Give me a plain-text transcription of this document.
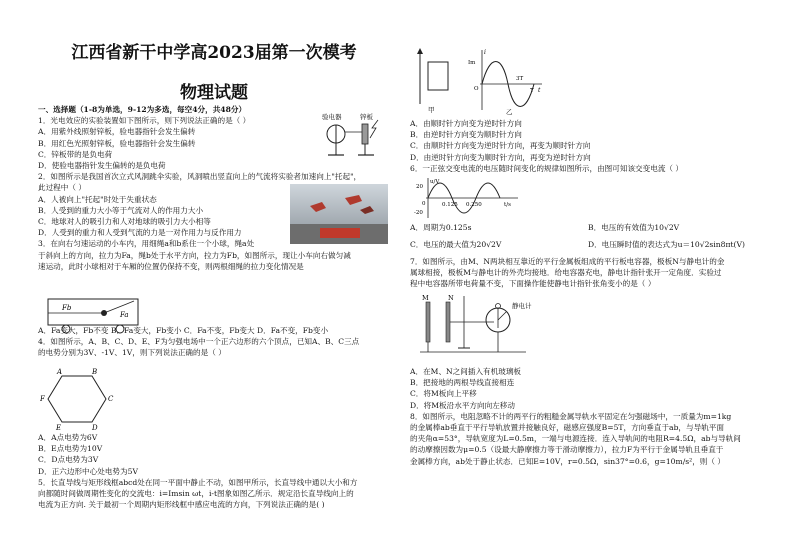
江西省新干中学高2023届第一次模考
物理试题
一、选择题（1-8为单选，9-12为多选，每空4分，共48分）

1．光电效应的实验装置如下图所示，则下列说法正确的是（ ）

A．用紫外线照射锌板，验电器指针会发生偏转

B．用红色光照射锌板，验电器指针会发生偏转

C．锌板带的是负电荷

D．使验电器指针发生偏转的是负电荷

2．如图所示是我国首次立式风洞跳伞实验，风洞喷出竖直向上的气流将实验者加速向上"托起"，

此过程中（ ）

A．人被向上"托起"时处于失重状态

B．人受到的重力大小等于气流对人的作用力大小

C．地球对人的吸引力和人对地球的吸引力大小相等

D．人受到的重力和人受到气流的力是一对作用力与反作用力

3．在向右匀速运动的小车内，用细绳a和b系住一个小球，绳a处

于斜向上的方向，拉力为Fa，绳b处于水平方向，拉力为Fb，如图所示，现让小车向右做匀减

速运动，此时小球相对于车厢的位置仍保持不变，则两根细绳的拉力变化情况是

验电器	锌板
Fb
Fa

A．Fa变大，Fb不变 B．Fa变大，Fb变小 C．Fa不变，Fb变大 D．Fa不变，Fb变小

4．如图所示，A、B、C、D、E、F为匀强电场中一个正六边形的六个顶点，已知A、B、C三点

的电势分别为3V、-1V、1V，则下列说法正确的是（ ）

A	B
C
D
E
F

A．A点电势为6V

B．E点电势为10V

C．D点电势为3V

D．正六边形中心处电势为5V

5．长直导线与矩形线框abcd处在同一平面中静止不动，如图甲所示，长直导线中通以大小和方

向都随时间做周期性变化的交流电：i=Imsin ωt，i-t图象如图乙所示．规定沿长直导线向上的

电流为正方向. 关于最初一个周期内矩形线框中感应电流的方向，下列说法正确的是( )

甲
i
t
Im
O
3T
T
乙

A．由顺时针方向变为逆时针方向

B．由逆时针方向变为顺时针方向

C．由顺时针方向变为逆时针方向，再变为顺时针方向

D．由逆时针方向变为顺时针方向，再变为逆时针方向

6．一正弦交变电流的电压随时间变化的规律如图所示，由图可知该交变电流（ ）

u/V
20
-20
0	0.125 0.250	t/s

A．周期为0.125s

C．电压的最大值为20√2V

B．电压的有效值为10√2V

D．电压瞬时值的表达式为u＝10√2sin8πt(V)

7．如图所示，由M、N两块相互靠近的平行金属板组成的平行板电容器，极板N与静电计的金

属球相接，极板M与静电计的外壳均接地．给电容器充电，静电计指针张开一定角度．实验过

程中电容器所带电荷量不变，下面操作能使静电计指针张角变小的是（ ）

M	N
静电计

A．在M、N之间插入有机玻璃板

B．把接地的两根导线直接相连

C．将M板向上平移

D．将M板沿水平方向向左移动

8．如图所示，电阻忽略不计的两平行的粗糙金属导轨水平固定在匀强磁场中，一质量为m=1kg

的金属棒ab垂直于平行导轨放置并接触良好，磁感应强度B=5T，方向垂直于ab，与导轨平面

的夹角α=53°，导轨宽度为L=0.5m，一端与电源连接．连入导轨间的电阻R=4.5Ω，ab与导轨间

的动摩擦因数为μ=0.5（设最大静摩擦力等于滑动摩擦力），拉力F为平行于金属导轨且垂直于

金属棒方向，ab处于静止状态．已知E=10V，r=0.5Ω，sin37°=0.6，g=10m/s²，则（ ）
